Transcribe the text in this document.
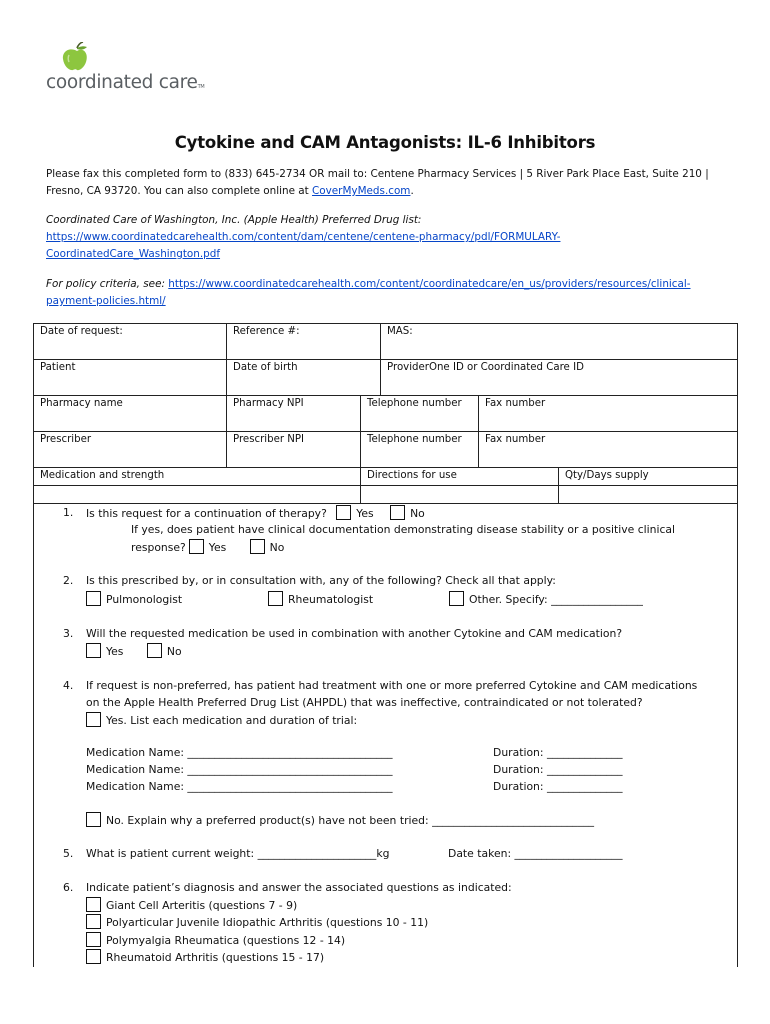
coordinated careTM
Cytokine and CAM Antagonists: IL-6 Inhibitors
Please fax this completed form to (833) 645-2734 OR mail to: Centene Pharmacy Services | 5 River Park Place East, Suite 210 |
Fresno, CA 93720. You can also complete online at CoverMyMeds.com.
Coordinated Care of Washington, Inc. (Apple Health) Preferred Drug list:
https://www.coordinatedcarehealth.com/content/dam/centene/centene-pharmacy/pdl/FORMULARY-
CoordinatedCare_Washington.pdf
For policy criteria, see: https://www.coordinatedcarehealth.com/content/coordinatedcare/en_us/providers/resources/clinical-
payment-policies.html/
Date of request:	Reference #:		MAS:		
Patient	Date of birth		ProviderOne ID or Coordinated Care ID		
Pharmacy name	Pharmacy NPI	Telephone number		Fax number	
Prescriber	Prescriber NPI	Telephone number		Fax number	
Medication and strength		Directions for use			Qty/Days supply
1. Is this request for a continuation of therapy?	Yes	No
If yes, does patient have clinical documentation demonstrating disease stability or a positive clinical
response? Yes	No
2. Is this prescribed by, or in consultation with, any of the following? Check all that apply:
Pulmonologist	Rheumatologist	Other. Specify: _________________
3. Will the requested medication be used in combination with another Cytokine and CAM medication?
Yes	No
4. If request is non-preferred, has patient had treatment with one or more preferred Cytokine and CAM medications
on the Apple Health Preferred Drug List (AHPDL) that was ineffective, contraindicated or not tolerated?
Yes. List each medication and duration of trial:
Medication Name: ______________________________________	Duration: ______________
Medication Name: ______________________________________	Duration: ______________
Medication Name: ______________________________________	Duration: ______________
No. Explain why a preferred product(s) have not been tried: ______________________________
5. What is patient current weight: ______________________kg	Date taken: ____________________
6. Indicate patient’s diagnosis and answer the associated questions as indicated:
Giant Cell Arteritis (questions 7 - 9)
Polyarticular Juvenile Idiopathic Arthritis (questions 10 - 11)
Polymyalgia Rheumatica (questions 12 - 14)
Rheumatoid Arthritis (questions 15 - 17)
